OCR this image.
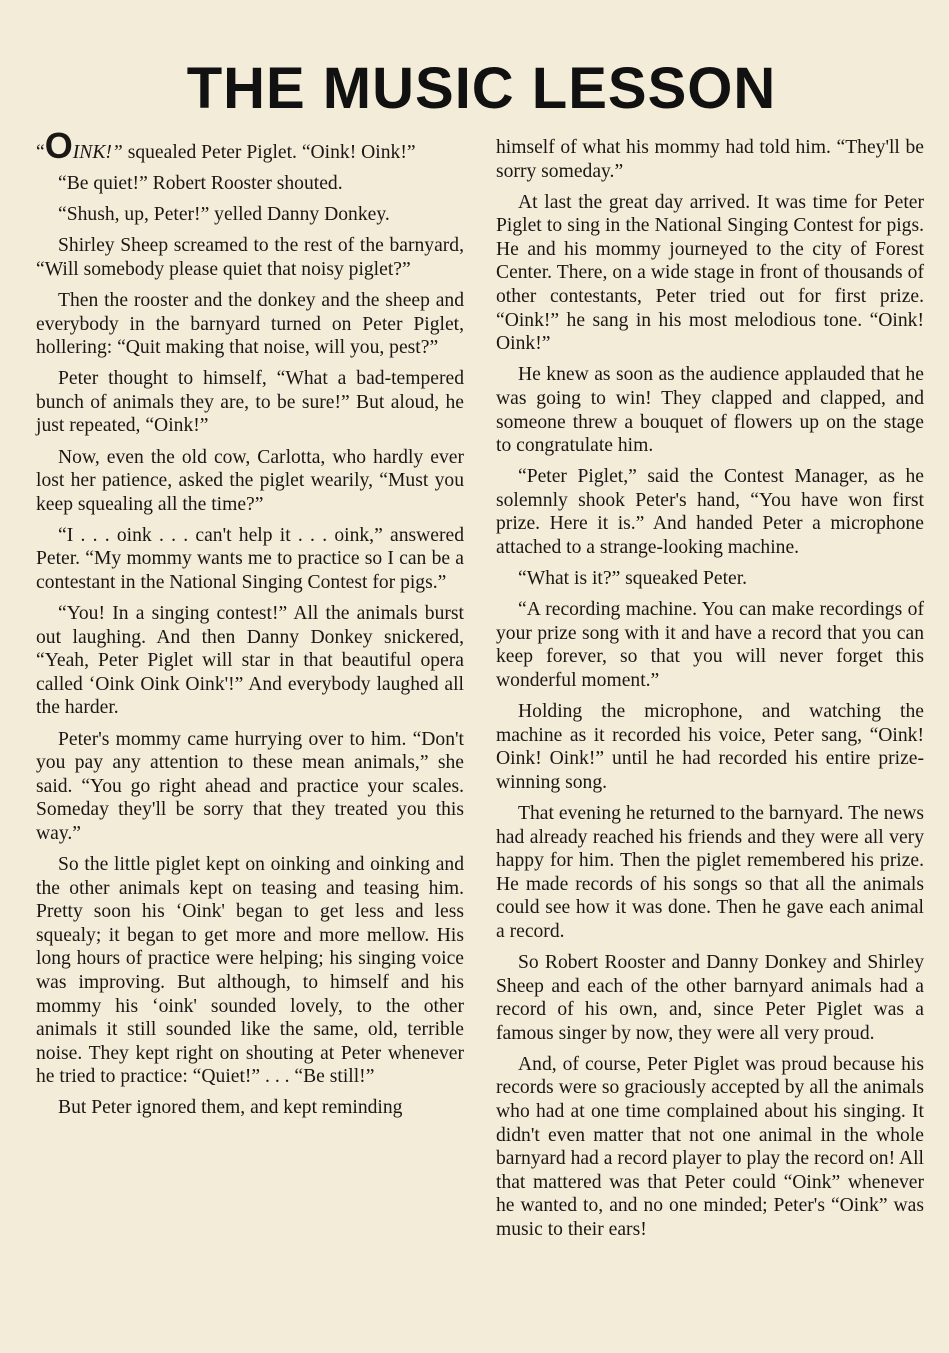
THE MUSIC LESSON

“OINK!” squealed Peter Piglet. “Oink! Oink!”

“Be quiet!” Robert Rooster shouted.

“Shush, up, Peter!” yelled Danny Donkey.

Shirley Sheep screamed to the rest of the barnyard, “Will somebody please quiet that noisy piglet?”

Then the rooster and the donkey and the sheep and everybody in the barnyard turned on Peter Piglet, hollering: “Quit making that noise, will you, pest?”

Peter thought to himself, “What a bad-tempered bunch of animals they are, to be sure!” But aloud, he just repeated, “Oink!”

Now, even the old cow, Carlotta, who hardly ever lost her patience, asked the piglet wearily, “Must you keep squealing all the time?”

“I . . . oink . . . can't help it . . . oink,” answered Peter. “My mommy wants me to practice so I can be a contestant in the National Singing Contest for pigs.”

“You! In a singing contest!” All the animals burst out laughing. And then Danny Donkey snickered, “Yeah, Peter Piglet will star in that beautiful opera called ‘Oink Oink Oink'!” And everybody laughed all the harder.

Peter's mommy came hurrying over to him. “Don't you pay any attention to these mean animals,” she said. “You go right ahead and practice your scales. Someday they'll be sorry that they treated you this way.”

So the little piglet kept on oinking and oinking and the other animals kept on teasing and teasing him. Pretty soon his ‘Oink' began to get less and less squealy; it began to get more and more mellow. His long hours of practice were helping; his singing voice was improving. But although, to himself and his mommy his ‘oink' sounded lovely, to the other animals it still sounded like the same, old, terrible noise. They kept right on shouting at Peter whenever he tried to practice: “Quiet!” . . . “Be still!”

But Peter ignored them, and kept reminding

himself of what his mommy had told him. “They'll be sorry someday.”

At last the great day arrived. It was time for Peter Piglet to sing in the National Singing Contest for pigs. He and his mommy journeyed to the city of Forest Center. There, on a wide stage in front of thousands of other contestants, Peter tried out for first prize. “Oink!” he sang in his most melodious tone. “Oink! Oink!”

He knew as soon as the audience applauded that he was going to win! They clapped and clapped, and someone threw a bouquet of flowers up on the stage to congratulate him.

“Peter Piglet,” said the Contest Manager, as he solemnly shook Peter's hand, “You have won first prize. Here it is.” And handed Peter a microphone attached to a strange-looking machine.

“What is it?” squeaked Peter.

“A recording machine. You can make recordings of your prize song with it and have a record that you can keep forever, so that you will never forget this wonderful moment.”

Holding the microphone, and watching the machine as it recorded his voice, Peter sang, “Oink! Oink! Oink!” until he had recorded his entire prize-winning song.

That evening he returned to the barnyard. The news had already reached his friends and they were all very happy for him. Then the piglet remembered his prize. He made records of his songs so that all the animals could see how it was done. Then he gave each animal a record.

So Robert Rooster and Danny Donkey and Shirley Sheep and each of the other barnyard animals had a record of his own, and, since Peter Piglet was a famous singer by now, they were all very proud.

And, of course, Peter Piglet was proud because his records were so graciously accepted by all the animals who had at one time complained about his singing. It didn't even matter that not one animal in the whole barnyard had a record player to play the record on! All that mattered was that Peter could “Oink” whenever he wanted to, and no one minded; Peter's “Oink” was music to their ears!
